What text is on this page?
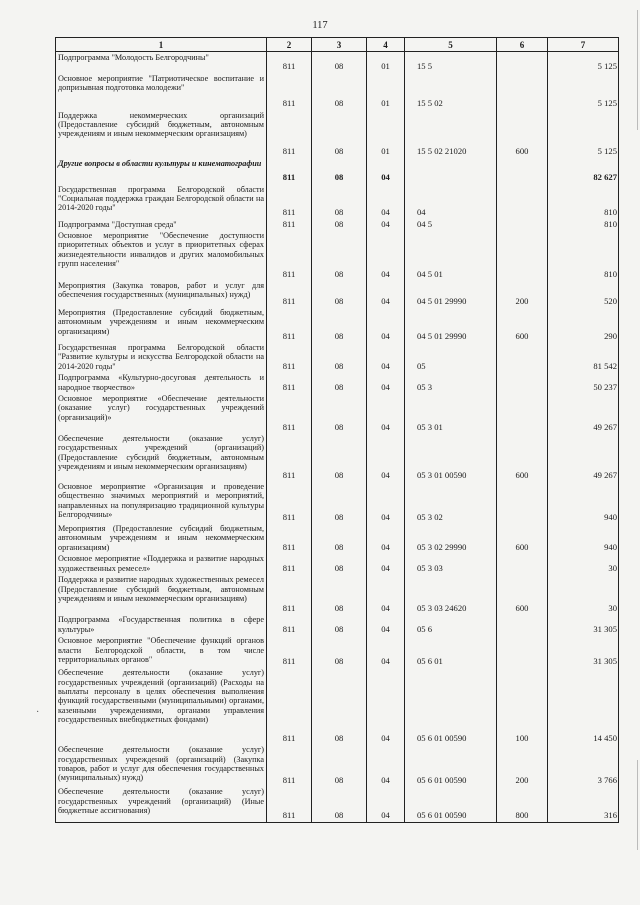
117
1	2	3	4	5	6	7
Подпрограмма "Молодость Белгородчины"	811	08	01	15 5		5 125
Основное мероприятие "Патриотическое воспитание и допризывная подготовка молодежи"	811	08	01	15 5 02		5 125
Поддержка некоммерческих организаций (Предоставление субсидий бюджетным, автономным учреждениям и иным некоммерческим организациям)	811	08	01	15 5 02 21020	600	5 125
Другие вопросы в области культуры и кинематографии	811	08	04			82 627
Государственная программа Белгородской области "Социальная поддержка граждан Белгородской области на 2014-2020 годы"	811	08	04	04		810
Подпрограмма "Доступная среда"	811	08	04	04 5		810
Основное мероприятие "Обеспечение доступности приоритетных объектов и услуг в приоритетных сферах жизнедеятельности инвалидов и других маломобильных групп населения"	811	08	04	04 5 01		810
Мероприятия (Закупка товаров, работ и услуг для обеспечения государственных (муниципальных) нужд)	811	08	04	04 5 01 29990	200	520
Мероприятия (Предоставление субсидий бюджетным, автономным учреждениям и иным некоммерческим организациям)	811	08	04	04 5 01 29990	600	290
Государственная программа Белгородской области "Развитие культуры и искусства Белгородской области на 2014-2020 годы"	811	08	04	05		81 542
Подпрограмма «Культурно-досуговая деятельность и народное творчество»	811	08	04	05 3		50 237
Основное мероприятие «Обеспечение деятельности (оказание услуг) государственных учреждений (организаций)»	811	08	04	05 3 01		49 267
Обеспечение деятельности (оказание услуг) государственных учреждений (организаций) (Предоставление субсидий бюджетным, автономным учреждениям и иным некоммерческим организациям)	811	08	04	05 3 01 00590	600	49 267
Основное мероприятие «Организация и проведение общественно значимых мероприятий и мероприятий, направленных на популяризацию традиционной культуры Белгородчины»	811	08	04	05 3 02		940
Мероприятия (Предоставление субсидий бюджетным, автономным учреждениям и иным некоммерческим организациям)	811	08	04	05 3 02 29990	600	940
Основное мероприятие «Поддержка и развитие народных художественных ремесел»	811	08	04	05 3 03		30
Поддержка и развитие народных художественных ремесел (Предоставление субсидий бюджетным, автономным учреждениям и иным некоммерческим организациям)	811	08	04	05 3 03 24620	600	30
Подпрограмма «Государственная политика в сфере культуры»	811	08	04	05 6		31 305
Основное мероприятие "Обеспечение функций органов власти Белгородской области, в том числе территориальных органов"	811	08	04	05 6 01		31 305
Обеспечение деятельности (оказание услуг) государственных учреждений (организаций) (Расходы на выплаты персоналу в целях обеспечения выполнения функций государственными (муниципальными) органами, казенными учреждениями, органами управления государственных внебюджетных фондами)	811	08	04	05 6 01 00590	100	14 450
Обеспечение деятельности (оказание услуг) государственных учреждений (организаций) (Закупка товаров, работ и услуг для обеспечения государственных (муниципальных) нужд)	811	08	04	05 6 01 00590	200	3 766
Обеспечение деятельности (оказание услуг) государственных учреждений (организаций) (Иные бюджетные ассигнования)	811	08	04	05 6 01 00590	800	316
·
